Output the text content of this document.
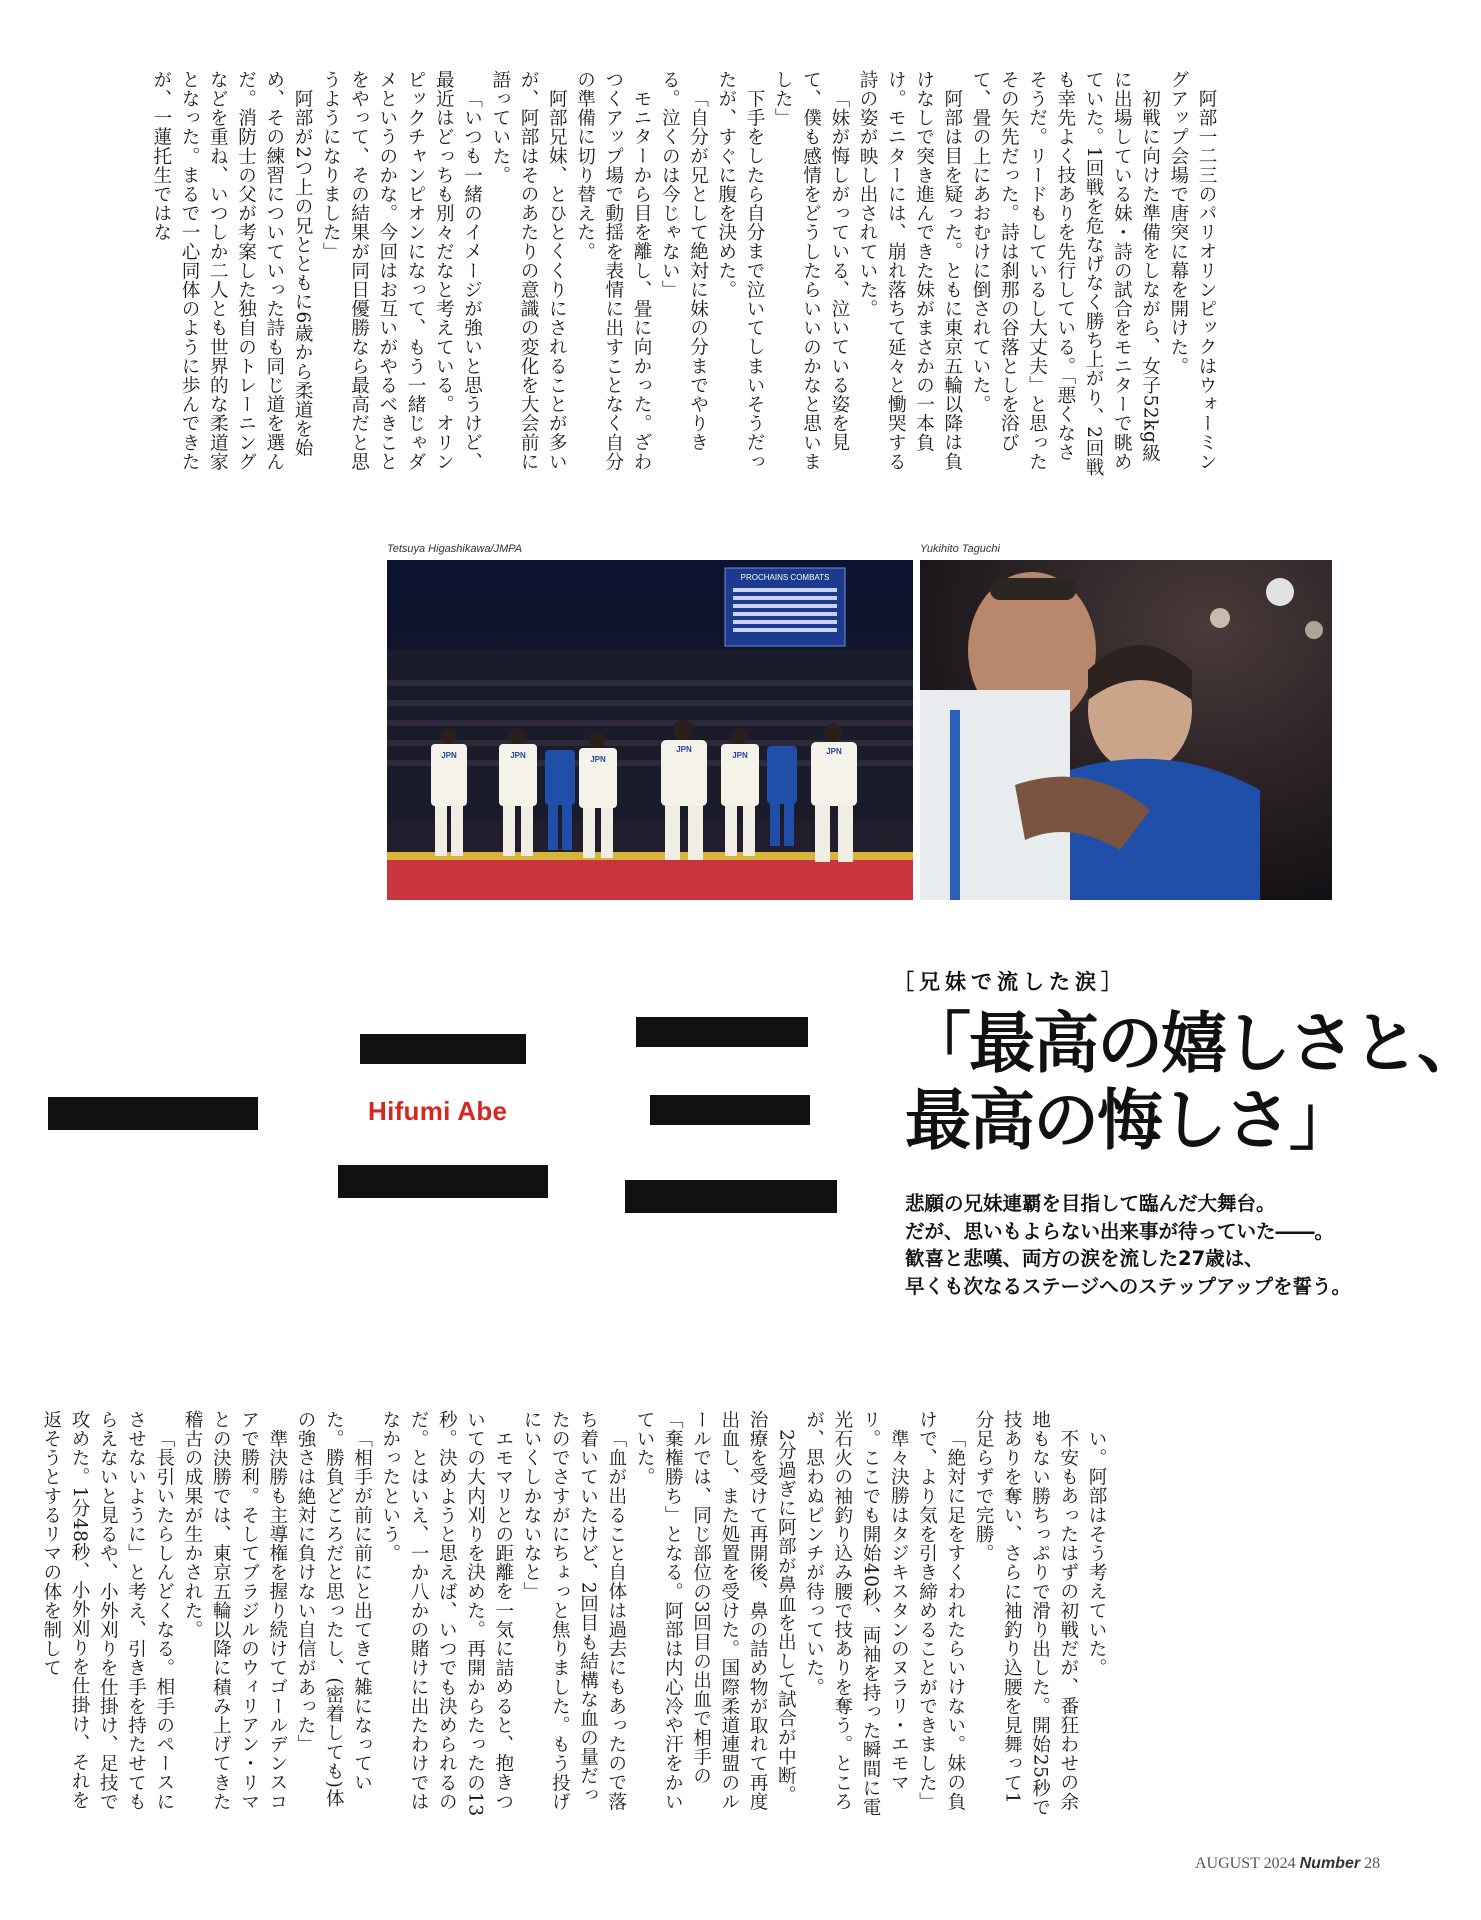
阿部一二三のパリオリンピックはウォーミングアップ会場で唐突に幕を開けた。

初戦に向けた準備をしながら、女子52kg級に出場している妹・詩の試合をモニターで眺めていた。1回戦を危なげなく勝ち上がり、2回戦も幸先よく技ありを先行している。「悪くなさそうだ。リードもしているし大丈夫」と思ったその矢先だった。詩は刹那の谷落としを浴びて、畳の上にあおむけに倒されていた。

阿部は目を疑った。ともに東京五輪以降は負けなしで突き進んできた妹がまさかの一本負け。モニターには、崩れ落ちて延々と慟哭する詩の姿が映し出されていた。

「妹が悔しがっている、泣いている姿を見て、僕も感情をどうしたらいいのかなと思いました」

下手をしたら自分まで泣いてしまいそうだったが、すぐに腹を決めた。

「自分が兄として絶対に妹の分までやりきる。泣くのは今じゃない」

モニターから目を離し、畳に向かった。ざわつくアップ場で動揺を表情に出すことなく自分の準備に切り替えた。

阿部兄妹、とひとくくりにされることが多いが、阿部はそのあたりの意識の変化を大会前に語っていた。

「いつも一緒のイメージが強いと思うけど、最近はどっちも別々だなと考えている。オリンピックチャンピオンになって、もう一緒じゃダメというのかな。今回はお互いがやるべきことをやって、その結果が同日優勝なら最高だと思うようになりました」

阿部が2つ上の兄とともに6歳から柔道を始め、その練習についていった詩も同じ道を選んだ。消防士の父が考案した独自のトレーニングなどを重ね、いつしか二人とも世界的な柔道家となった。まるで一心同体のように歩んできたが、一蓮托生ではな

Tetsuya Higashikawa/JMPA	Yukihito Taguchi
PROCHAINS COMBATS
JPN	JPN	JPN
JPN
JPN	JPN
Hifumi Abe
［兄妹で流した涙］
「最高の嬉しさと、
最高の悔しさ」
悲願の兄妹連覇を目指して臨んだ大舞台。
だが、思いもよらない出来事が待っていた――。
歓喜と悲嘆、両方の涙を流した27歳は、
早くも次なるステージへのステップアップを誓う。

い。阿部はそう考えていた。

不安もあったはずの初戦だが、番狂わせの余地もない勝ちっぷりで滑り出した。開始25秒で技ありを奪い、さらに袖釣り込腰を見舞って1分足らずで完勝。

「絶対に足をすくわれたらいけない。妹の負けで、より気を引き締めることができました」

準々決勝はタジキスタンのヌラリ・エモマリ。ここでも開始40秒、両袖を持った瞬間に電光石火の袖釣り込み腰で技ありを奪う。ところが、思わぬピンチが待っていた。

2分過ぎに阿部が鼻血を出して試合が中断。治療を受けて再開後、鼻の詰め物が取れて再度出血し、また処置を受けた。国際柔道連盟のルールでは、同じ部位の3回目の出血で相手の「棄権勝ち」となる。阿部は内心冷や汗をかいていた。

「血が出ること自体は過去にもあったので落ち着いていたけど、2回目も結構な血の量だったのでさすがにちょっと焦りました。もう投げにいくしかないなと」

エモマリとの距離を一気に詰めると、抱きついての大内刈りを決めた。再開からたったの13秒。決めようと思えば、いつでも決められるのだ。とはいえ、一か八かの賭けに出たわけではなかったという。

「相手が前に前にと出てきて雑になっていた。勝負どころだと思ったし、(密着しても)体の強さは絶対に負けない自信があった」

準決勝も主導権を握り続けてゴールデンスコアで勝利。そしてブラジルのウィリアン・リマとの決勝では、東京五輪以降に積み上げてきた稽古の成果が生かされた。

「長引いたらしんどくなる。相手のペースにさせないように」と考え、引き手を持たせてもらえないと見るや、小外刈りを仕掛け、足技で攻めた。1分48秒、小外刈りを仕掛け、それを返そうとするリマの体を制して

AUGUST 2024 Number 28
